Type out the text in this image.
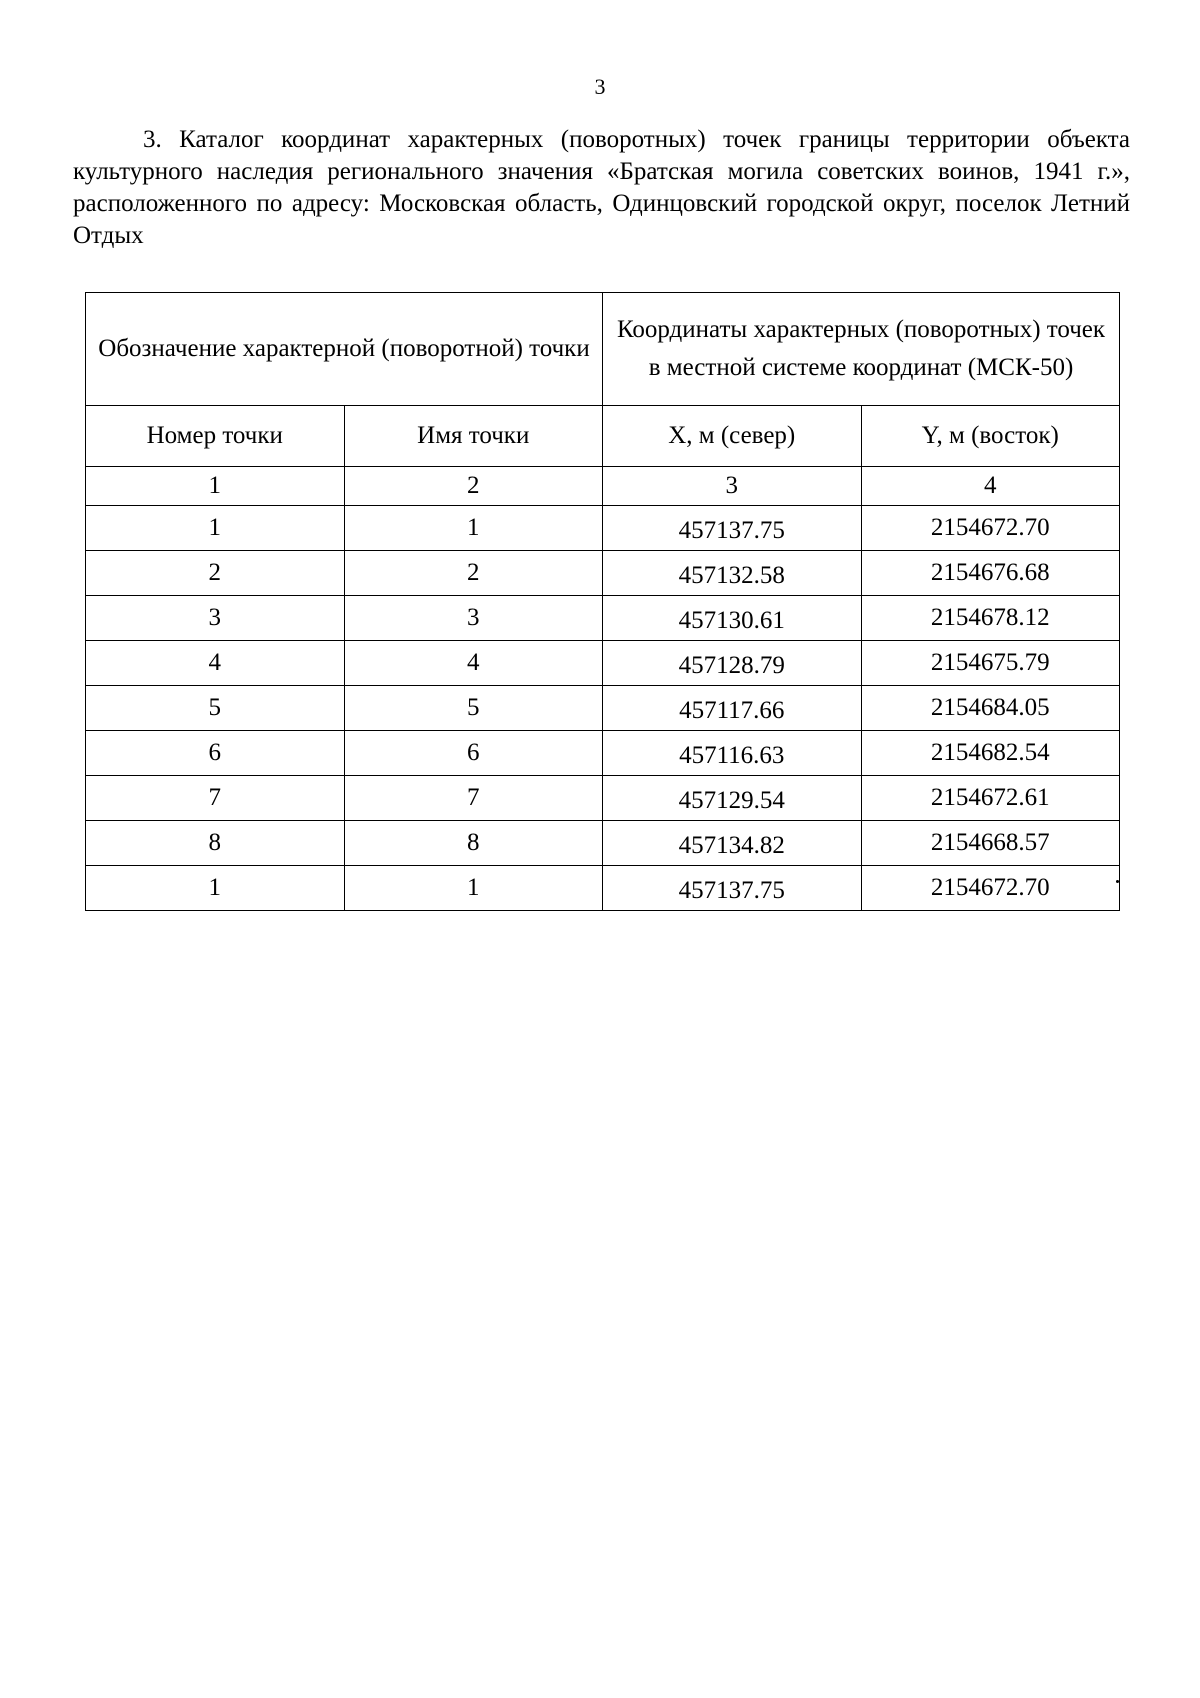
3

3. Каталог координат характерных (поворотных) точек границы территории объекта культурного наследия регионального значения «Братская могила советских воинов, 1941 г.», расположенного по адресу: Московская область, Одинцовский городской округ, поселок Летний Отдых

Обозначение характерной (поворотной) точки		Координаты характерных (поворотных) точек в местной системе координат (МСК-50)	
Номер точки	Имя точки	X, м (север)	Y, м (восток)
1	2	3	4
1	1	457137.75	2154672.70
2	2	457132.58	2154676.68
3	3	457130.61	2154678.12
4	4	457128.79	2154675.79
5	5	457117.66	2154684.05
6	6	457116.63	2154682.54
7	7	457129.54	2154672.61
8	8	457134.82	2154668.57
1	1	457137.75	2154672.70
